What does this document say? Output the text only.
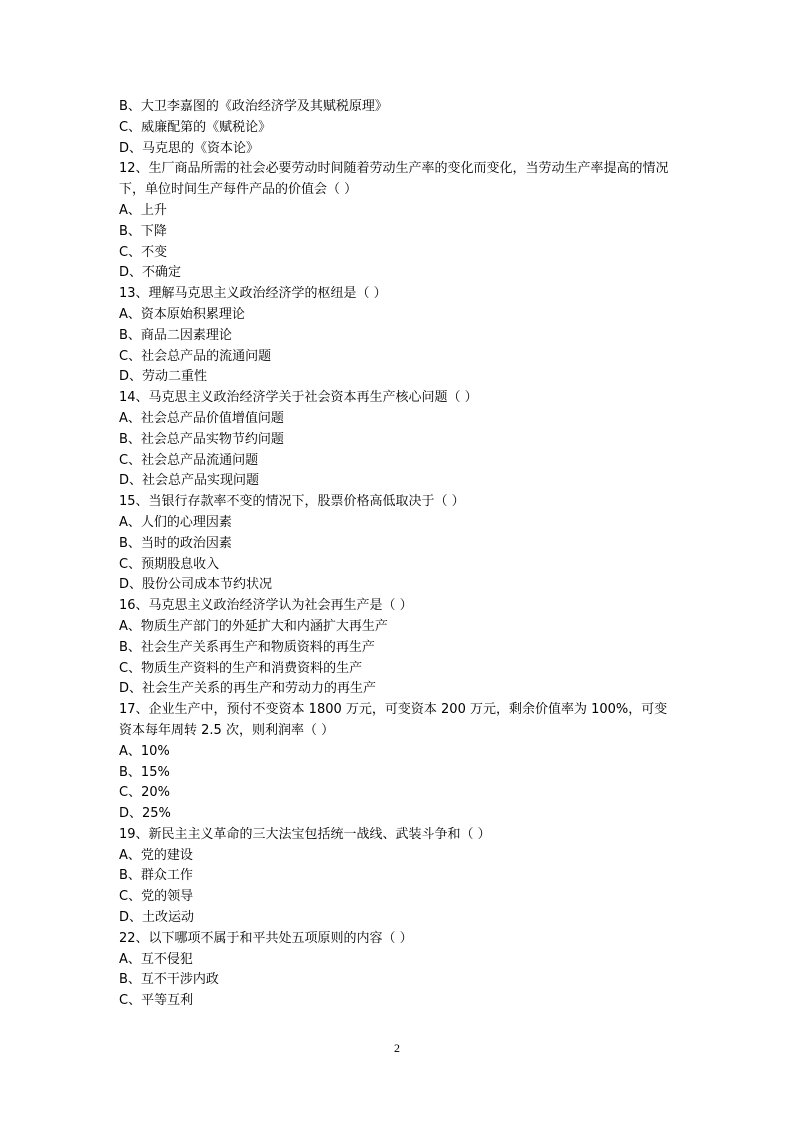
B、大卫李嘉图的《政治经济学及其赋税原理》
C、威廉配第的《赋税论》
D、马克思的《资本论》
12、生厂商品所需的社会必要劳动时间随着劳动生产率的变化而变化，当劳动生产率提高的情况下，单位时间生产每件产品的价值会（ ）
A、上升
B、下降
C、不变
D、不确定
13、理解马克思主义政治经济学的枢纽是（ ）
A、资本原始积累理论
B、商品二因素理论
C、社会总产品的流通问题
D、劳动二重性
14、马克思主义政治经济学关于社会资本再生产核心问题（ ）
A、社会总产品价值增值问题
B、社会总产品实物节约问题
C、社会总产品流通问题
D、社会总产品实现问题
15、当银行存款率不变的情况下，股票价格高低取决于（ ）
A、人们的心理因素
B、当时的政治因素
C、预期股息收入
D、股份公司成本节约状况
16、马克思主义政治经济学认为社会再生产是（ ）
A、物质生产部门的外延扩大和内涵扩大再生产
B、社会生产关系再生产和物质资料的再生产
C、物质生产资料的生产和消费资料的生产
D、社会生产关系的再生产和劳动力的再生产
17、企业生产中，预付不变资本 1800 万元，可变资本 200 万元，剩余价值率为 100%，可变资本每年周转 2.5 次，则利润率（ ）
A、10%
B、15%
C、20%
D、25%
19、新民主主义革命的三大法宝包括统一战线、武装斗争和（ ）
A、党的建设
B、群众工作
C、党的领导
D、土改运动
22、以下哪项不属于和平共处五项原则的内容（ ）
A、互不侵犯
B、互不干涉内政
C、平等互利
2
